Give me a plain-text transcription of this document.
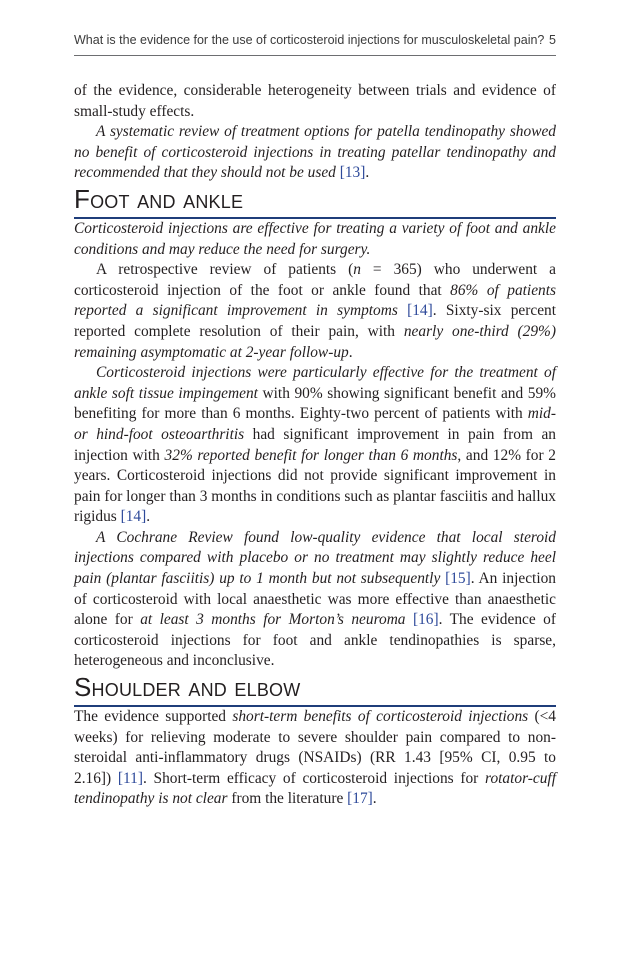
What is the evidence for the use of corticosteroid injections for musculoskeletal pain? 5

of the evidence, considerable heterogeneity between trials and evidence of small-study effects.

A systematic review of treatment options for patella tendinopathy showed no benefit of corticosteroid injections in treating patellar tendinopathy and recommended that they should not be used [13].

Foot and ankle

Corticosteroid injections are effective for treating a variety of foot and ankle conditions and may reduce the need for surgery.

A retrospective review of patients (n = 365) who underwent a corticosteroid injection of the foot or ankle found that 86% of patients reported a significant improvement in symptoms [14]. Sixty-six percent reported complete resolution of their pain, with nearly one-third (29%) remaining asymptomatic at 2-year follow-up.

Corticosteroid injections were particularly effective for the treatment of ankle soft tissue impingement with 90% showing significant benefit and 59% benefiting for more than 6 months. Eighty-two percent of patients with mid- or hind-foot osteoarthritis had significant improvement in pain from an injection with 32% reported benefit for longer than 6 months, and 12% for 2 years. Corticosteroid injections did not provide significant improvement in pain for longer than 3 months in conditions such as plantar fasciitis and hallux rigidus [14].

A Cochrane Review found low-quality evidence that local steroid injections compared with placebo or no treatment may slightly reduce heel pain (plantar fasciitis) up to 1 month but not subsequently [15]. An injection of corticosteroid with local anaesthetic was more effective than anaesthetic alone for at least 3 months for Morton’s neuroma [16]. The evidence of corticosteroid injections for foot and ankle tendinopathies is sparse, heterogeneous and inconclusive.

Shoulder and elbow

The evidence supported short-term benefits of corticosteroid injections (<4 weeks) for relieving moderate to severe shoulder pain compared to non-steroidal anti-inflammatory drugs (NSAIDs) (RR 1.43 [95% CI, 0.95 to 2.16]) [11]. Short-term efficacy of corticosteroid injections for rotator-cuff tendinopathy is not clear from the literature [17].
